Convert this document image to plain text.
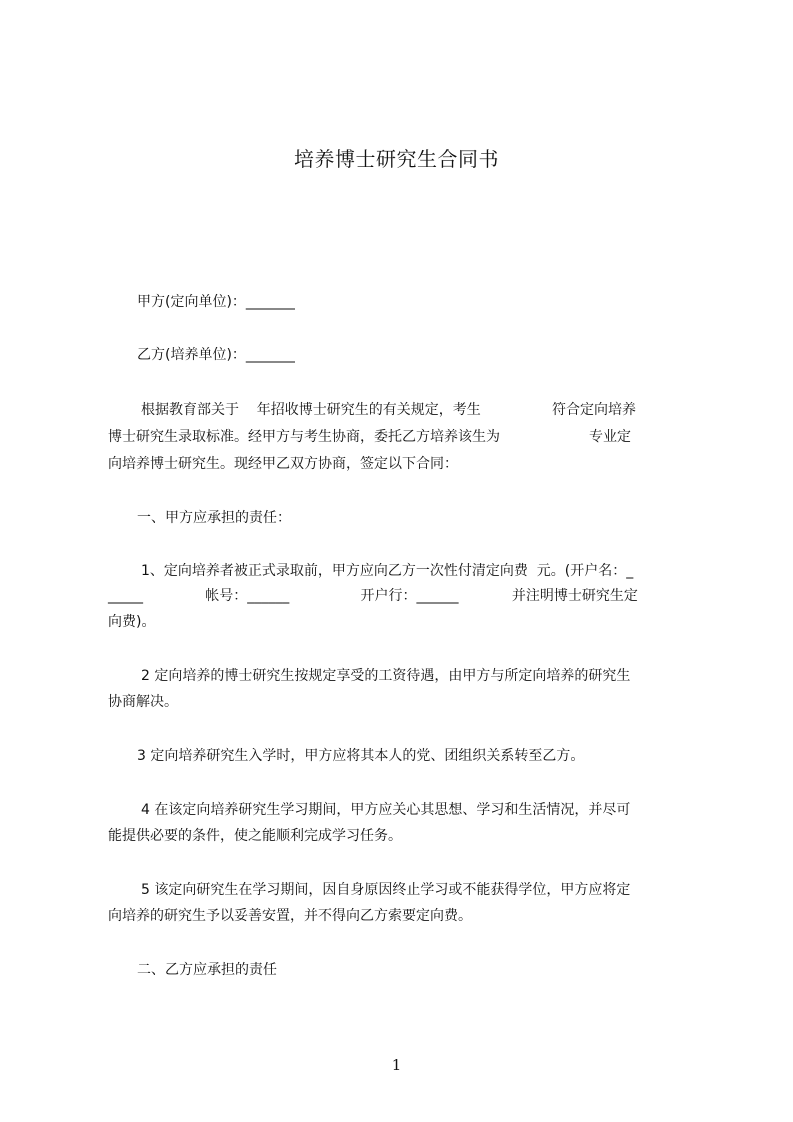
培养博士研究生合同书
甲方(定向单位)：_______
乙方(培养单位)：_______
根据教育部关于    年招收博士研究生的有关规定，考生                符合定向培养
博士研究生录取标准。经甲方与考生协商，委托乙方培养该生为                    专业定
向培养博士研究生。现经甲乙双方协商，签定以下合同：
一、甲方应承担的责任：
1、定向培养者被正式录取前，甲方应向乙方一次性付清定向费  元。(开户名：_
_____              帐号：______                开户行：______            并注明博士研究生定
向费)。
2 定向培养的博士研究生按规定享受的工资待遇，由甲方与所定向培养的研究生
协商解决。
3 定向培养研究生入学时，甲方应将其本人的党、团组织关系转至乙方。
4 在该定向培养研究生学习期间，甲方应关心其思想、学习和生活情况，并尽可
能提供必要的条件，使之能顺利完成学习任务。
5 该定向研究生在学习期间，因自身原因终止学习或不能获得学位，甲方应将定
向培养的研究生予以妥善安置，并不得向乙方索要定向费。
二、乙方应承担的责任
1
